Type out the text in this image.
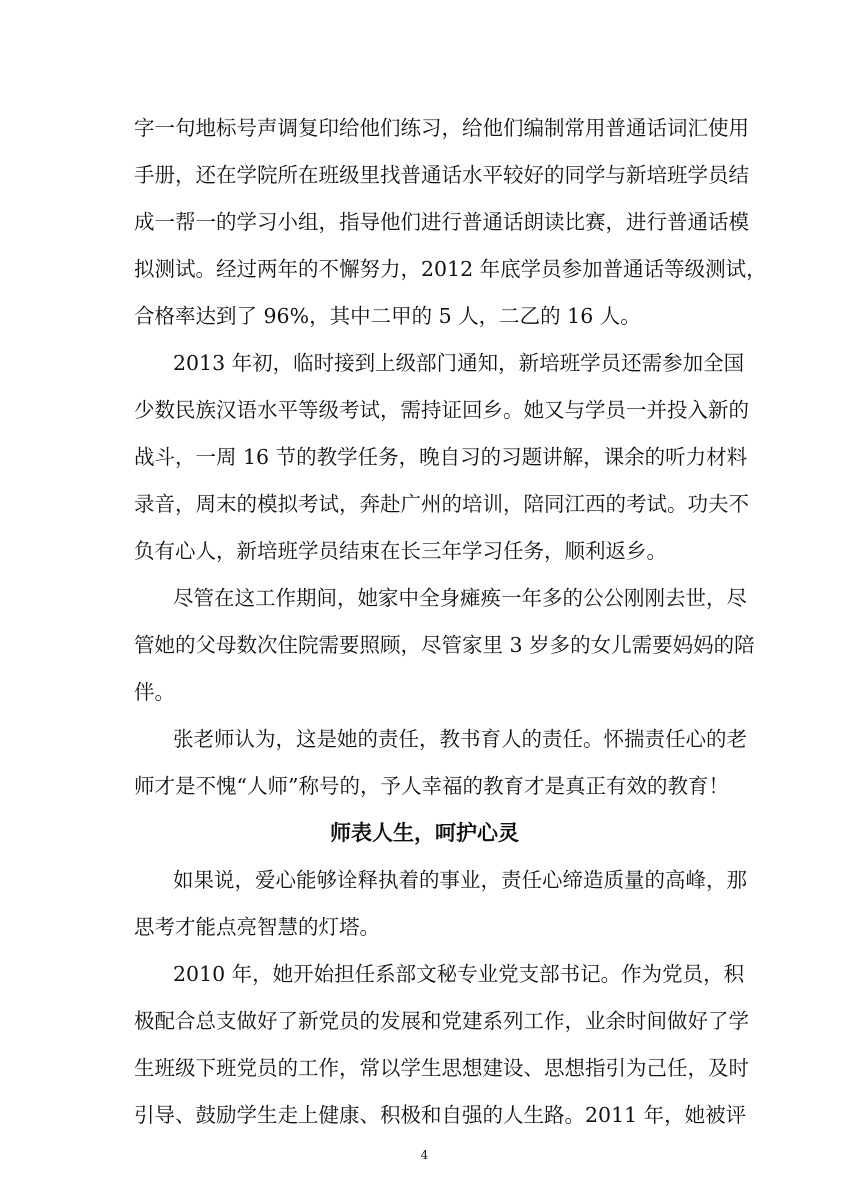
字一句地标号声调复印给他们练习，给他们编制常用普通话词汇使用
手册，还在学院所在班级里找普通话水平较好的同学与新培班学员结
成一帮一的学习小组，指导他们进行普通话朗读比赛，进行普通话模
拟测试。经过两年的不懈努力，2012 年底学员参加普通话等级测试，
合格率达到了 96%，其中二甲的 5 人，二乙的 16 人。
2013 年初，临时接到上级部门通知，新培班学员还需参加全国
少数民族汉语水平等级考试，需持证回乡。她又与学员一并投入新的
战斗，一周 16 节的教学任务，晚自习的习题讲解，课余的听力材料
录音，周末的模拟考试，奔赴广州的培训，陪同江西的考试。功夫不
负有心人，新培班学员结束在长三年学习任务，顺利返乡。
尽管在这工作期间，她家中全身瘫痪一年多的公公刚刚去世，尽
管她的父母数次住院需要照顾，尽管家里 3 岁多的女儿需要妈妈的陪
伴。
张老师认为，这是她的责任，教书育人的责任。怀揣责任心的老
师才是不愧“人师”称号的，予人幸福的教育才是真正有效的教育！
师表人生，呵护心灵
如果说，爱心能够诠释执着的事业，责任心缔造质量的高峰，那
思考才能点亮智慧的灯塔。
2010 年，她开始担任系部文秘专业党支部书记。作为党员，积
极配合总支做好了新党员的发展和党建系列工作，业余时间做好了学
生班级下班党员的工作，常以学生思想建设、思想指引为己任，及时
引导、鼓励学生走上健康、积极和自强的人生路。2011 年，她被评
4
